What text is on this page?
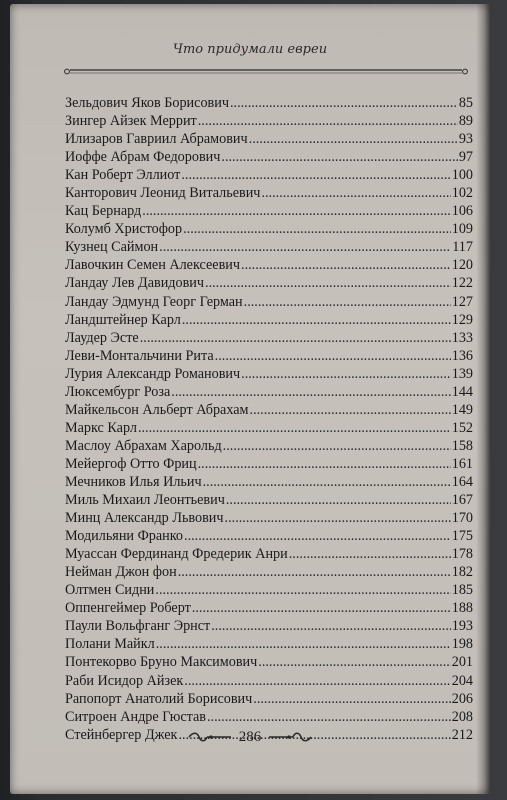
Что придумали евреи
Зельдович Яков Борисович .....	85
Зингер Айзек Меррит .....	89
Илизаров Гавриил Абрамович .....	93
Иоффе Абрам Федорович .....	97
Кан Роберт Эллиот .....	100
Канторович Леонид Витальевич .....	102
Кац Бернард .....	106
Колумб Христофор .....	109
Кузнец Саймон .....	117
Лавочкин Семен Алексеевич .....	120
Ландау Лев Давидович .....	122
Ландау Эдмунд Георг Герман .....	127
Ландштейнер Карл .....	129
Лаудер Эсте .....	133
Леви-Монтальчини Рита .....	136
Лурия Александр Романович .....	139
Люксембург Роза .....	144
Майкельсон Альберт Абрахам .....	149
Маркс Карл .....	152
Маслоу Абрахам Харольд .....	158
Мейергоф Отто Фриц .....	161
Мечников Илья Ильич .....	164
Миль Михаил Леонтьевич .....	167
Минц Александр Львович .....	170
Модильяни Франко .....	175
Муассан Фердинанд Фредерик Анри .....	178
Нейман Джон фон .....	182
Олтмен Сидни .....	185
Оппенгеймер Роберт .....	188
Паули Вольфганг Эрнст .....	193
Полани Майкл .....	198
Понтекорво Бруно Максимович .....	201
Раби Исидор Айзек .....	204
Рапопорт Анатолий Борисович .....	206
Ситроен Андре Гюстав .....	208
Стейнбергер Джек .....	212
286
